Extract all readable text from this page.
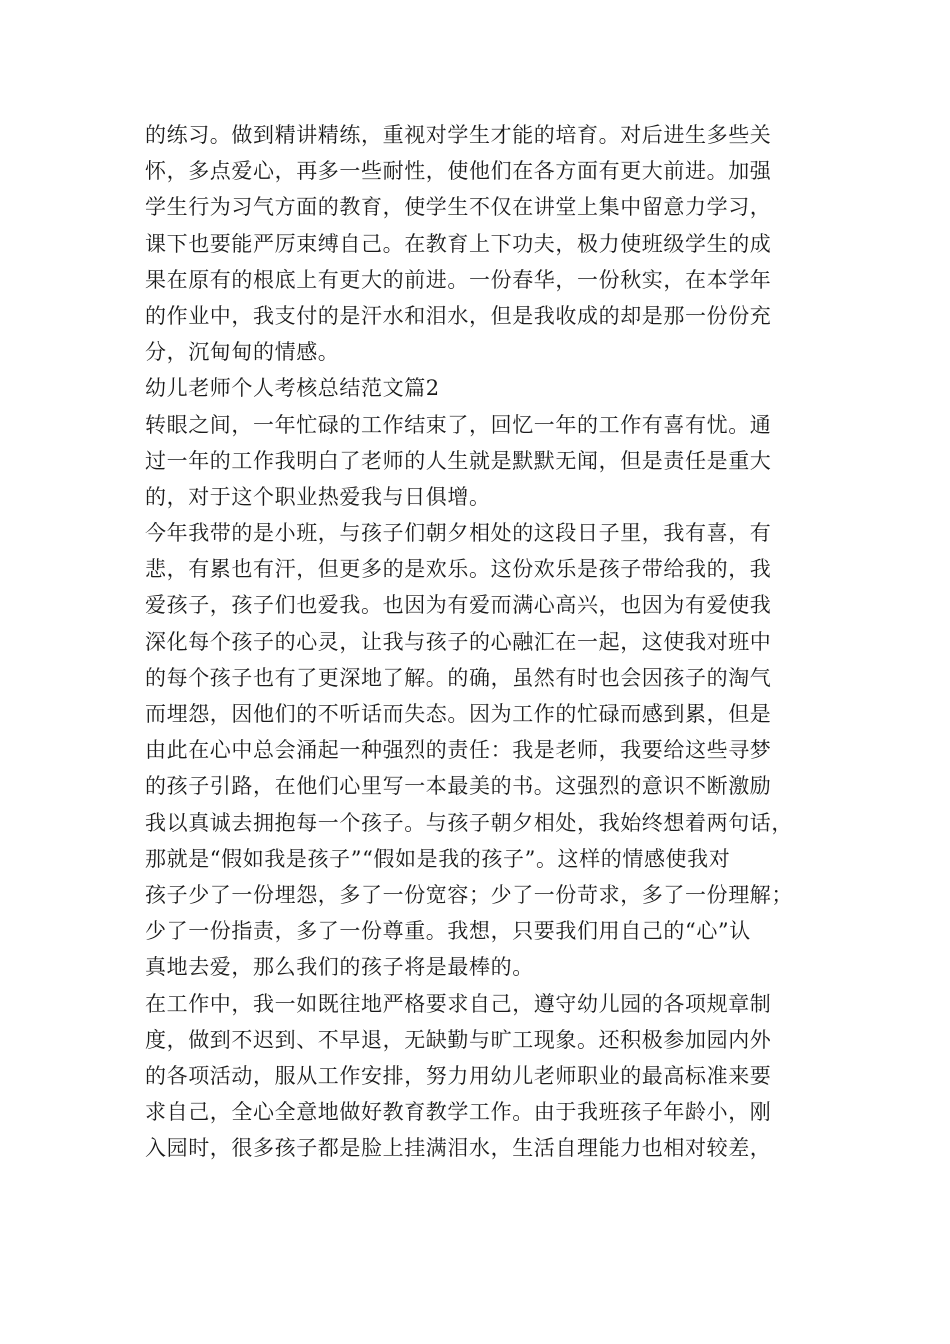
的练习。做到精讲精练，重视对学生才能的培育。对后进生多些关
怀，多点爱心，再多一些耐性，使他们在各方面有更大前进。加强
学生行为习气方面的教育，使学生不仅在讲堂上集中留意力学习，
课下也要能严厉束缚自己。在教育上下功夫，极力使班级学生的成
果在原有的根底上有更大的前进。一份春华，一份秋实，在本学年
的作业中，我支付的是汗水和泪水，但是我收成的却是那一份份充
分，沉甸甸的情感。
幼儿老师个人考核总结范文篇2
转眼之间，一年忙碌的工作结束了，回忆一年的工作有喜有忧。通
过一年的工作我明白了老师的人生就是默默无闻，但是责任是重大
的，对于这个职业热爱我与日俱增。
今年我带的是小班，与孩子们朝夕相处的这段日子里，我有喜，有
悲，有累也有汗，但更多的是欢乐。这份欢乐是孩子带给我的，我
爱孩子，孩子们也爱我。也因为有爱而满心高兴，也因为有爱使我
深化每个孩子的心灵，让我与孩子的心融汇在一起，这使我对班中
的每个孩子也有了更深地了解。的确，虽然有时也会因孩子的淘气
而埋怨，因他们的不听话而失态。因为工作的忙碌而感到累，但是
由此在心中总会涌起一种强烈的责任：我是老师，我要给这些寻梦
的孩子引路，在他们心里写一本最美的书。这强烈的意识不断激励
我以真诚去拥抱每一个孩子。与孩子朝夕相处，我始终想着两句话，
那就是“假如我是孩子”“假如是我的孩子”。这样的情感使我对
孩子少了一份埋怨，多了一份宽容；少了一份苛求，多了一份理解；
少了一份指责，多了一份尊重。我想，只要我们用自己的“心”认
真地去爱，那么我们的孩子将是最棒的。
在工作中，我一如既往地严格要求自己，遵守幼儿园的各项规章制
度，做到不迟到、不早退，无缺勤与旷工现象。还积极参加园内外
的各项活动，服从工作安排，努力用幼儿老师职业的最高标准来要
求自己，全心全意地做好教育教学工作。由于我班孩子年龄小，刚
入园时，很多孩子都是脸上挂满泪水，生活自理能力也相对较差，
